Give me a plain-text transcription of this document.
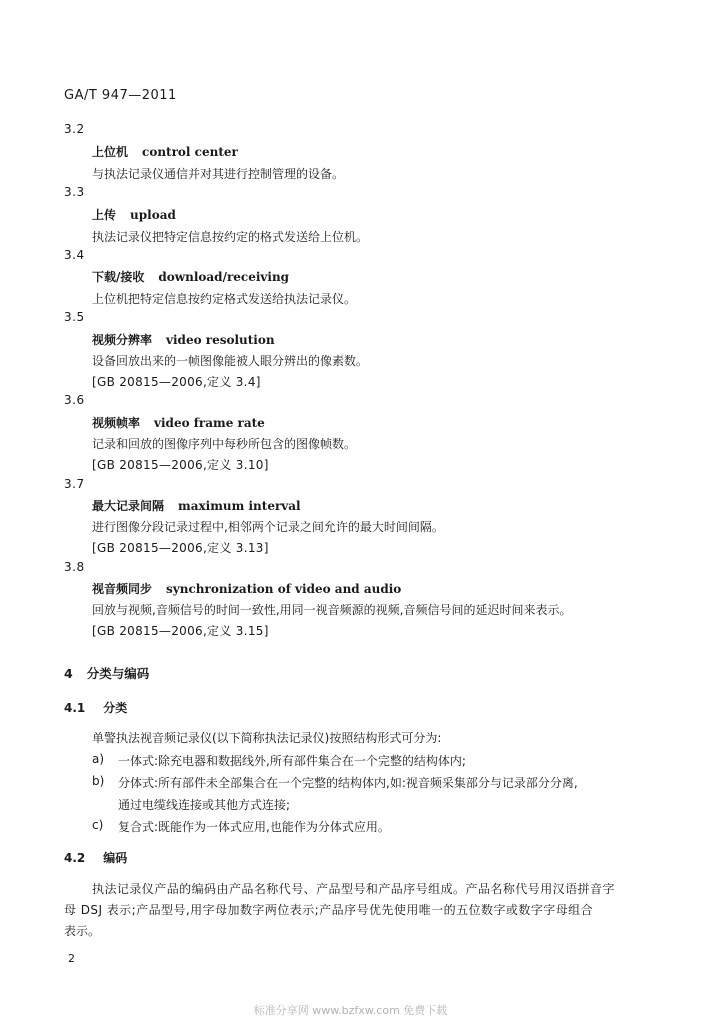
GA/T 947—2011
3.2
上位机 control center
与执法记录仪通信并对其进行控制管理的设备。
3.3
上传 upload
执法记录仪把特定信息按约定的格式发送给上位机。
3.4
下载/接收 download/receiving
上位机把特定信息按约定格式发送给执法记录仪。
3.5
视频分辨率 video resolution
设备回放出来的一帧图像能被人眼分辨出的像素数。
[GB 20815—2006,定义 3.4]
3.6
视频帧率 video frame rate
记录和回放的图像序列中每秒所包含的图像帧数。
[GB 20815—2006,定义 3.10]
3.7
最大记录间隔 maximum interval
进行图像分段记录过程中,相邻两个记录之间允许的最大时间间隔。
[GB 20815—2006,定义 3.13]
3.8
视音频同步 synchronization of video and audio
回放与视频,音频信号的时间一致性,用同一视音频源的视频,音频信号间的延迟时间来表示。
[GB 20815—2006,定义 3.15]
4 分类与编码
4.1 分类
单警执法视音频记录仪(以下简称执法记录仪)按照结构形式可分为:
a) 一体式:除充电器和数据线外,所有部件集合在一个完整的结构体内;
b) 分体式:所有部件未全部集合在一个完整的结构体内,如:视音频采集部分与记录部分分离,
通过电缆线连接或其他方式连接;
c) 复合式:既能作为一体式应用,也能作为分体式应用。
4.2 编码
执法记录仪产品的编码由产品名称代号、产品型号和产品序号组成。产品名称代号用汉语拼音字
母 DSJ 表示;产品型号,用字母加数字两位表示;产品序号优先使用唯一的五位数字或数字字母组合
表示。
2
标准分享网 www.bzfxw.com 免费下载
